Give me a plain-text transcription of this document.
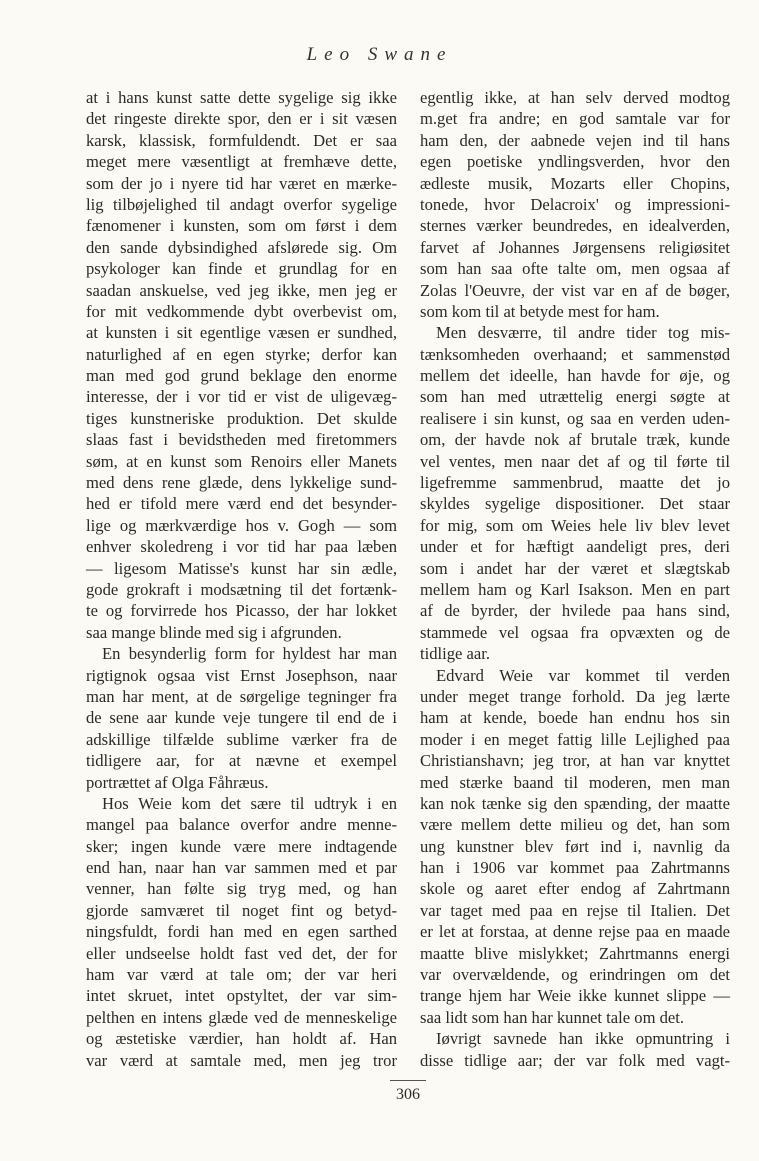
Leo Swane
at i hans kunst satte dette sygelige sig ikke
det ringeste direkte spor, den er i sit væsen
karsk, klassisk, formfuldendt. Det er saa
meget mere væsentligt at fremhæve dette,
som der jo i nyere tid har været en mærke-
lig tilbøjelighed til andagt overfor sygelige
fænomener i kunsten, som om først i dem
den sande dybsindighed afslørede sig. Om
psykologer kan finde et grundlag for en
saadan anskuelse, ved jeg ikke, men jeg er
for mit vedkommende dybt overbevist om,
at kunsten i sit egentlige væsen er sundhed,
naturlighed af en egen styrke; derfor kan
man med god grund beklage den enorme
interesse, der i vor tid er vist de uligevæg-
tiges kunstneriske produktion. Det skulde
slaas fast i bevidstheden med firetommers
søm, at en kunst som Renoirs eller Manets
med dens rene glæde, dens lykkelige sund-
hed er tifold mere værd end det besynder-
lige og mærkværdige hos v. Gogh — som
enhver skoledreng i vor tid har paa læben
— ligesom Matisse's kunst har sin ædle,
gode grokraft i modsætning til det fortænk-
te og forvirrede hos Picasso, der har lokket
saa mange blinde med sig i afgrunden.
En besynderlig form for hyldest har man
rigtignok ogsaa vist Ernst Josephson, naar
man har ment, at de sørgelige tegninger fra
de sene aar kunde veje tungere til end de i
adskillige tilfælde sublime værker fra de
tidligere aar, for at nævne et exempel
portrættet af Olga Fåhræus.
Hos Weie kom det sære til udtryk i en
mangel paa balance overfor andre menne-
sker; ingen kunde være mere indtagende
end han, naar han var sammen med et par
venner, han følte sig tryg med, og han
gjorde samværet til noget fint og betyd-
ningsfuldt, fordi han med en egen sarthed
eller undseelse holdt fast ved det, der for
ham var værd at tale om; der var heri
intet skruet, intet opstyltet, der var sim-
pelthen en intens glæde ved de menneskelige
og æstetiske værdier, han holdt af. Han
var værd at samtale med, men jeg tror
egentlig ikke, at han selv derved modtog
m.get fra andre; en god samtale var for
ham den, der aabnede vejen ind til hans
egen poetiske yndlingsverden, hvor den
ædleste musik, Mozarts eller Chopins,
tonede, hvor Delacroix' og impressioni-
sternes værker beundredes, en idealverden,
farvet af Johannes Jørgensens religiøsitet
som han saa ofte talte om, men ogsaa af
Zolas l'Oeuvre, der vist var en af de bøger,
som kom til at betyde mest for ham.
Men desværre, til andre tider tog mis-
tænksomheden overhaand; et sammenstød
mellem det ideelle, han havde for øje, og
som han med utrættelig energi søgte at
realisere i sin kunst, og saa en verden uden-
om, der havde nok af brutale træk, kunde
vel ventes, men naar det af og til førte til
ligefremme sammenbrud, maatte det jo
skyldes sygelige dispositioner. Det staar
for mig, som om Weies hele liv blev levet
under et for hæftigt aandeligt pres, deri
som i andet har der været et slægtskab
mellem ham og Karl Isakson. Men en part
af de byrder, der hvilede paa hans sind,
stammede vel ogsaa fra opvæxten og de
tidlige aar.
Edvard Weie var kommet til verden
under meget trange forhold. Da jeg lærte
ham at kende, boede han endnu hos sin
moder i en meget fattig lille Lejlighed paa
Christianshavn; jeg tror, at han var knyttet
med stærke baand til moderen, men man
kan nok tænke sig den spænding, der maatte
være mellem dette milieu og det, han som
ung kunstner blev ført ind i, navnlig da
han i 1906 var kommet paa Zahrtmanns
skole og aaret efter endog af Zahrtmann
var taget med paa en rejse til Italien. Det
er let at forstaa, at denne rejse paa en maade
maatte blive mislykket; Zahrtmanns energi
var overvældende, og erindringen om det
trange hjem har Weie ikke kunnet slippe —
saa lidt som han har kunnet tale om det.
Iøvrigt savnede han ikke opmuntring i
disse tidlige aar; der var folk med vagt-
306
